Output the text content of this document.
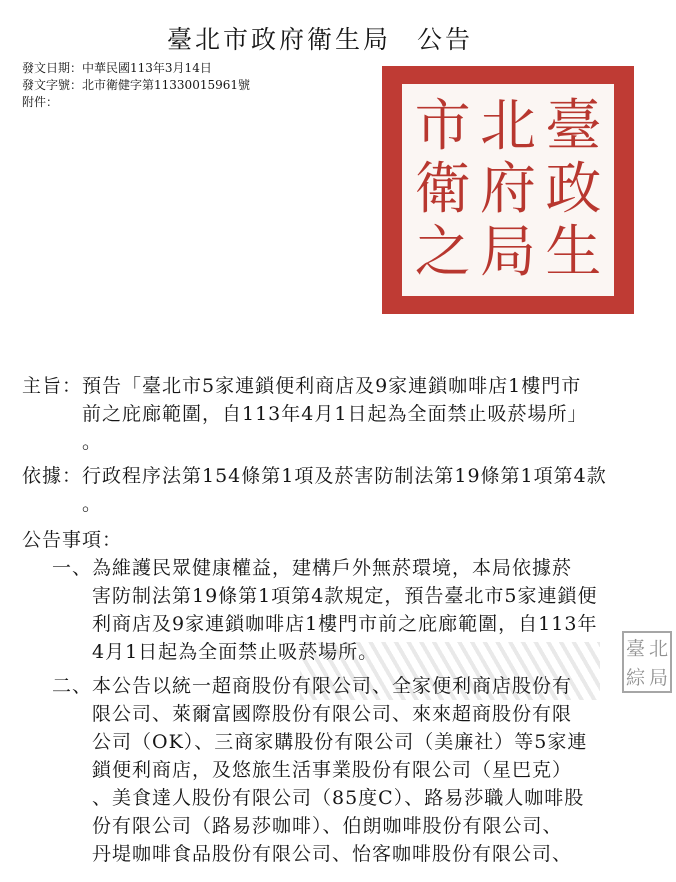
臺北市政府衛生局 公告
發文日期：中華民國113年3月14日
發文字號：北市衛健字第11330015961號
附件：	市 北 臺
衛 府 政
之 局 生
主旨： 預告「臺北市5家連鎖便利商店及9家連鎖咖啡店1樓門市
前之庇廊範圍，自113年4月1日起為全面禁止吸菸場所」
。
依據： 行政程序法第154條第1項及菸害防制法第19條第1項第4款
。
公告事項：
一、 為維護民眾健康權益，建構戶外無菸環境，本局依據菸
害防制法第19條第1項第4款規定，預告臺北市5家連鎖便
利商店及9家連鎖咖啡店1樓門市前之庇廊範圍，自113年
4月1日起為全面禁止吸菸場所。
二、 本公告以統一超商股份有限公司、全家便利商店股份有
限公司、萊爾富國際股份有限公司、來來超商股份有限
公司（OK）、三商家購股份有限公司（美廉社）等5家連
鎖便利商店，及悠旅生活事業股份有限公司（星巴克）
、美食達人股份有限公司（85度C）、路易莎職人咖啡股
份有限公司（路易莎咖啡）、伯朗咖啡股份有限公司、
丹堤咖啡食品股份有限公司、怡客咖啡股份有限公司、
臺 北
綜 局
